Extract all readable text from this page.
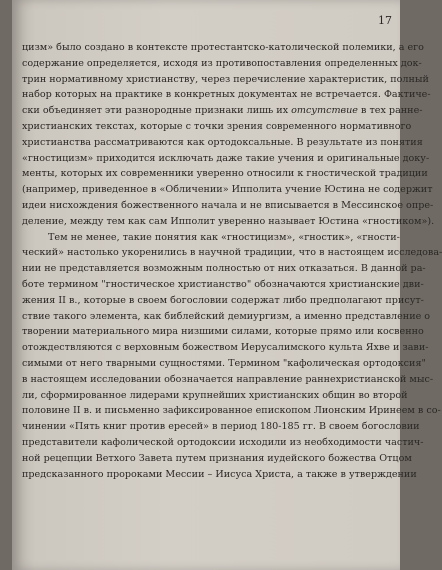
17
цизм» было создано в контексте протестантско-католической полемики, а его
содержание определяется, исходя из противопоставления определенных док-
трин нормативному христианству, через перечисление характеристик, полный
набор которых на практике в конкретных документах не встречается. Фактиче-
ски объединяет эти разнородные признаки лишь их отсутствие в тех ранне-
христианских текстах, которые с точки зрения современного нормативного
христианства рассматриваются как ортодоксальные. В результате из понятия
«гностицизм» приходится исключать даже такие учения и оригинальные доку-
менты, которых их современники уверенно относили к гностической традиции
(например, приведенное в «Обличении» Ипполита учение Юстина не содержит
идеи нисхождения божественного начала и не вписывается в Мессинское опре-
деление, между тем как сам Ипполит уверенно называет Юстина «гностиком»).
Тем не менее, такие понятия как «гностицизм», «гностик», «гности-
ческий» настолько укоренились в научной традиции, что в настоящем исследова-
нии не представляется возможным полностью от них отказаться. В данной ра-
боте термином "гностическое христианство" обозначаются христианские дви-
жения II в., которые в своем богословии содержат либо предполагают присут-
ствие такого элемента, как библейский демиургизм, а именно представление о
творении материального мира низшими силами, которые прямо или косвенно
отождествляются с верховным божеством Иерусалимского культа Яхве и зави-
симыми от него тварными сущностями. Термином "кафолическая ортодоксия"
в настоящем исследовании обозначается направление раннехристианской мыс-
ли, сформированное лидерами крупнейших христианских общин во второй
половине II в. и письменно зафиксированное епископом Лионским Иринеем в со-
чинении «Пять книг против ересей» в период 180-185 гг. В своем богословии
представители кафолической ортодоксии исходили из необходимости частич-
ной рецепции Ветхого Завета путем признания иудейского божества Отцом
предсказанного пророками Мессии – Иисуса Христа, а также в утверждении
